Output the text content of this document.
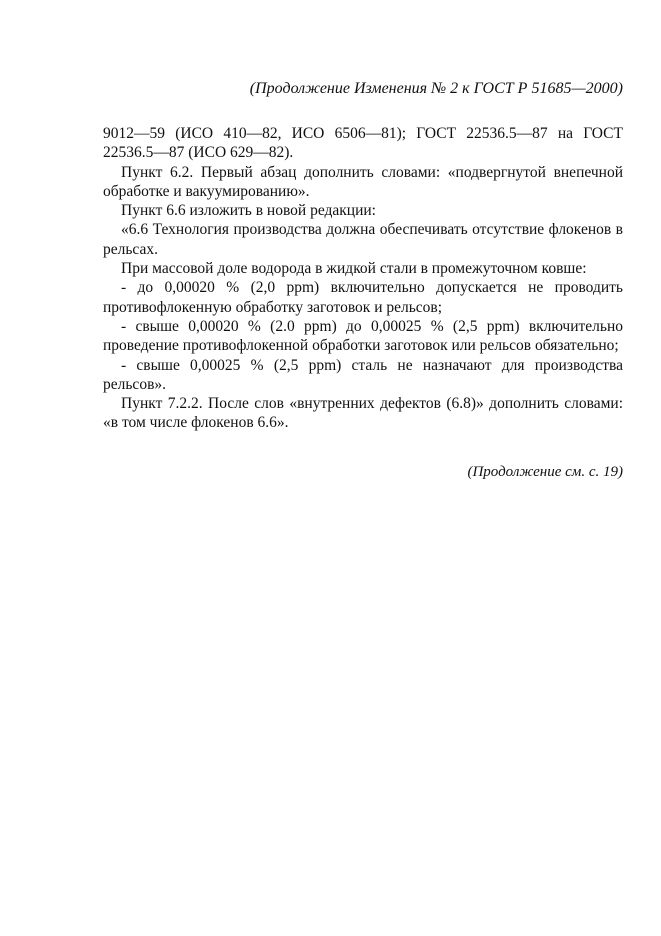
(Продолжение Изменения № 2 к ГОСТ Р 51685—2000)

9012—59 (ИСО 410—82, ИСО 6506—81); ГОСТ 22536.5—87 на ГОСТ 22536.5—87 (ИСО 629—82).

Пункт 6.2. Первый абзац дополнить словами: «подвергнутой внепечной обработке и вакуумированию».

Пункт 6.6 изложить в новой редакции:

«6.6 Технология производства должна обеспечивать отсутствие флокенов в рельсах.

При массовой доле водорода в жидкой стали в промежуточном ковше:

- до 0,00020 % (2,0 ppm) включительно допускается не проводить противофлокенную обработку заготовок и рельсов;

- свыше 0,00020 % (2.0 ppm) до 0,00025 % (2,5 ppm) включительно проведение противофлокенной обработки заготовок или рельсов обязательно;

- свыше 0,00025 % (2,5 ppm) сталь не назначают для производства рельсов».

Пункт 7.2.2. После слов «внутренних дефектов (6.8)» дополнить словами: «в том числе флокенов 6.6».

(Продолжение см. с. 19)
